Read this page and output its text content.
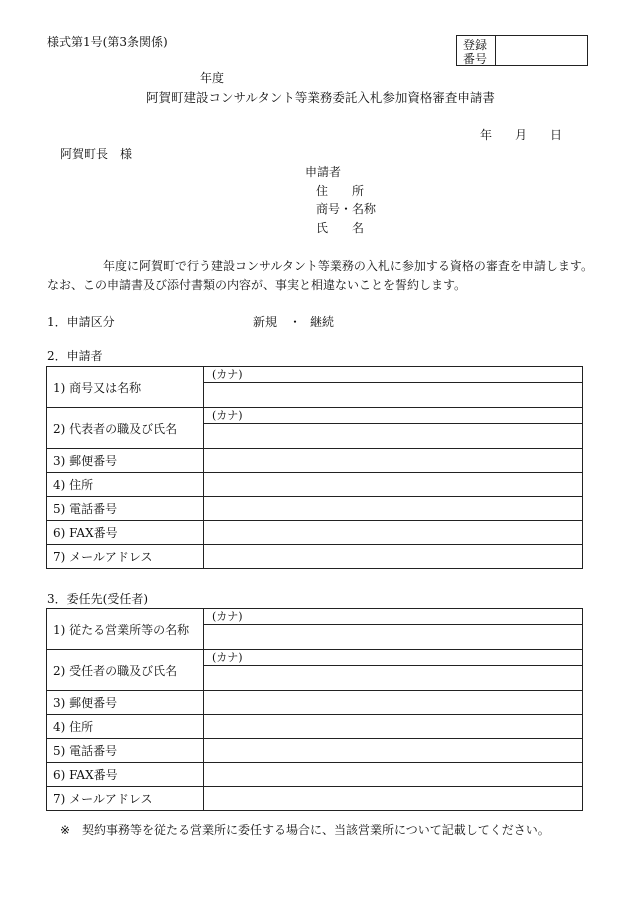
様式第1号(第3条関係)	登録
番号
年度
阿賀町建設コンサルタント等業務委託入札参加資格審査申請書
年 月 日
阿賀町長　様
申請者
住　　所
商号・名称
氏　　名
年度に阿賀町で行う建設コンサルタント等業務の入札に参加する資格の審査を申請します。
なお、この申請書及び添付書類の内容が、事実と相違ないことを誓約します。
1．申請区分	新規 ・ 継続
2．申請者
1) 商号又は名称	(カナ)

2) 代表者の職及び氏名	(カナ)

3) 郵便番号	
4) 住所	
5) 電話番号	
6) FAX番号	
7) メールアドレス	
3．委任先(受任者)
1) 従たる営業所等の名称	(カナ)

2) 受任者の職及び氏名	(カナ)

3) 郵便番号	
4) 住所	
5) 電話番号	
6) FAX番号	
7) メールアドレス	
※ 契約事務等を従たる営業所に委任する場合に、当該営業所について記載してください。
